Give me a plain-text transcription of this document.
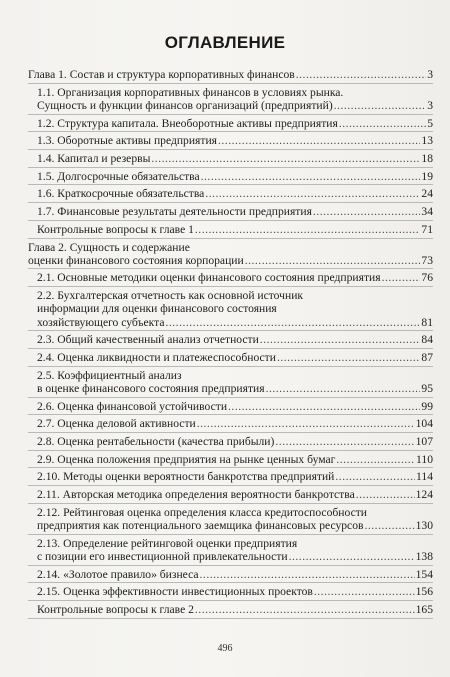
ОГЛАВЛЕНИЕ
Глава 1. Состав и структура корпоративных финансов .....	3
1.1. Организация корпоративных финансов в условиях рынка.
Сущность и функции финансов организаций (предприятий) .....	3
1.2. Структура капитала. Внеоборотные активы предприятия .....	5
1.3. Оборотные активы предприятия .....	13
1.4. Капитал и резервы .....	18
1.5. Долгосрочные обязательства .....	19
1.6. Краткосрочные обязательства .....	24
1.7. Финансовые результаты деятельности предприятия .....	34
Контрольные вопросы к главе 1 .....	71
Глава 2. Сущность и содержание
оценки финансового состояния корпорации .....	73
2.1. Основные методики оценки финансового состояния предприятия .....	76
2.2. Бухгалтерская отчетность как основной источник
информации для оценки финансового состояния
хозяйствующего субъекта .....	81
2.3. Общий качественный анализ отчетности .....	84
2.4. Оценка ликвидности и платежеспособности .....	87
2.5. Коэффициентный анализ
в оценке финансового состояния предприятия .....	95
2.6. Оценка финансовой устойчивости .....	99
2.7. Оценка деловой активности .....	104
2.8. Оценка рентабельности (качества прибыли) .....	107
2.9. Оценка положения предприятия на рынке ценных бумаг .....	110
2.10. Методы оценки вероятности банкротства предприятий .....	114
2.11. Авторская методика определения вероятности банкротства .....	124
2.12. Рейтинговая оценка определения класса кредитоспособности
предприятия как потенциального заемщика финансовых ресурсов .....	130
2.13. Определение рейтинговой оценки предприятия
с позиции его инвестиционной привлекательности .....	138
2.14. «Золотое правило» бизнеса .....	154
2.15. Оценка эффективности инвестиционных проектов .....	156
Контрольные вопросы к главе 2 .....	165
496
